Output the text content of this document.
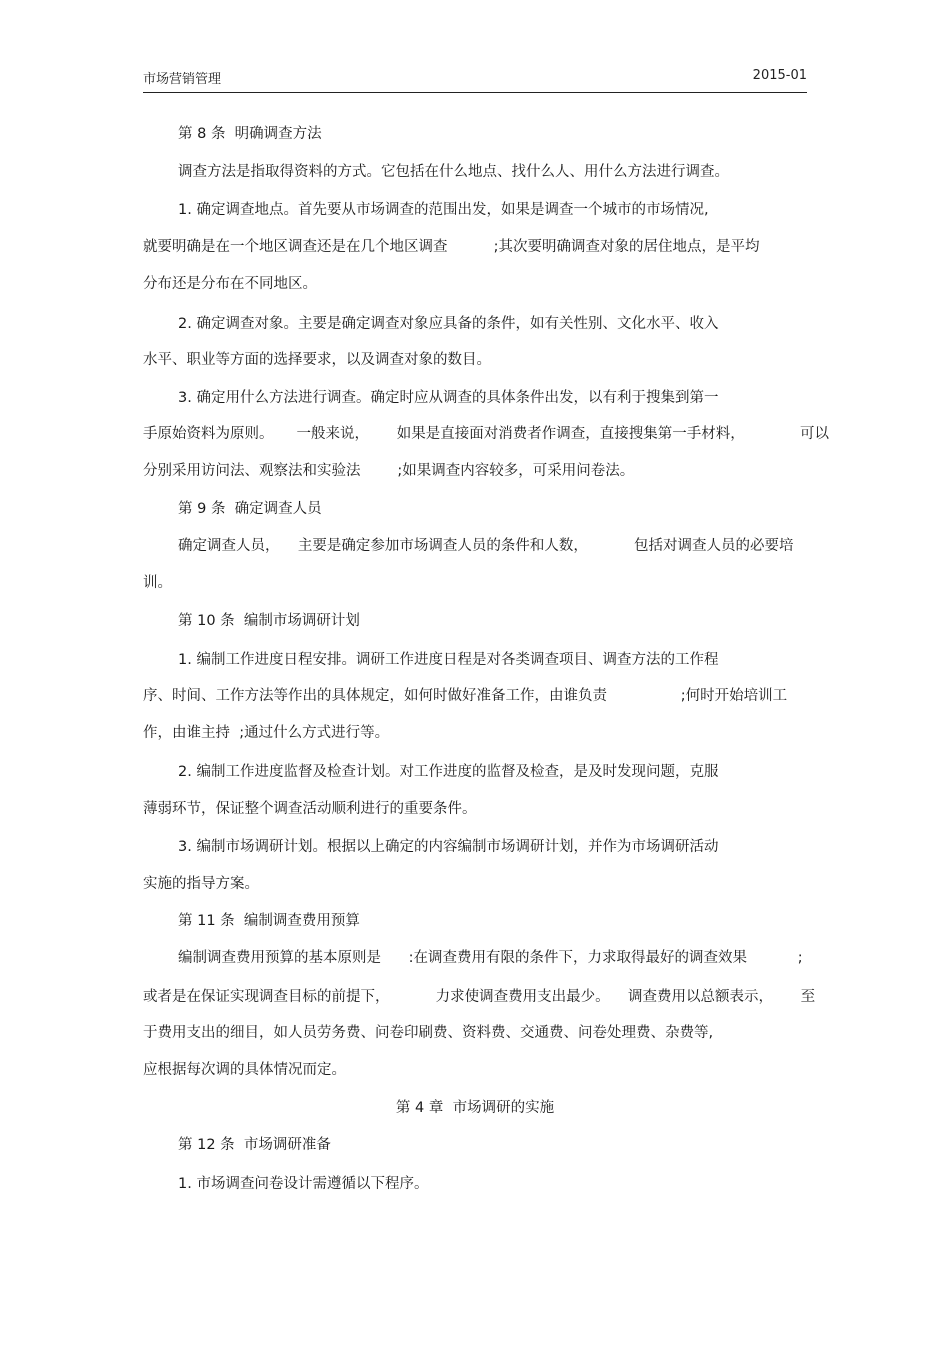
市场营销管理	2015-01
第 8 条  明确调查方法
调查方法是指取得资料的方式。它包括在什么地点、找什么人、用什么方法进行调查。
1. 确定调查地点。首先要从市场调查的范围出发，如果是调查一个城市的市场情况,
就要明确是在一个地区调查还是在几个地区调查          ;其次要明确调查对象的居住地点，是平均
分布还是分布在不同地区。
2. 确定调查对象。主要是确定调查对象应具备的条件，如有关性别、文化水平、收入
水平、职业等方面的选择要求，以及调查对象的数目。
3. 确定用什么方法进行调查。确定时应从调查的具体条件出发，以有利于搜集到第一
手原始资料为原则。     一般来说，      如果是直接面对消费者作调查，直接搜集第一手材料，            可以
分别采用访问法、观察法和实验法        ;如果调查内容较多，可采用问卷法。
第 9 条  确定调查人员
确定调查人员，    主要是确定参加市场调查人员的条件和人数，          包括对调查人员的必要培
训。
第 10 条  编制市场调研计划
1. 编制工作进度日程安排。调研工作进度日程是对各类调查项目、调查方法的工作程
序、时间、工作方法等作出的具体规定，如何时做好准备工作，由谁负责                ;何时开始培训工
作，由谁主持  ;通过什么方式进行等。
2. 编制工作进度监督及检查计划。对工作进度的监督及检查，是及时发现问题，克服
薄弱环节，保证整个调查活动顺利进行的重要条件。
3. 编制市场调研计划。根据以上确定的内容编制市场调研计划，并作为市场调研活动
实施的指导方案。
第 11 条  编制调查费用预算
编制调查费用预算的基本原则是      :在调查费用有限的条件下，力求取得最好的调查效果           ;
或者是在保证实现调查目标的前提下，          力求使调查费用支出最少。    调查费用以总额表示，      至
于费用支出的细目，如人员劳务费、问卷印刷费、资料费、交通费、问卷处理费、杂费等,
应根据每次调的具体情况而定。
第 4 章  市场调研的实施
第 12 条  市场调研准备
1. 市场调查问卷设计需遵循以下程序。
